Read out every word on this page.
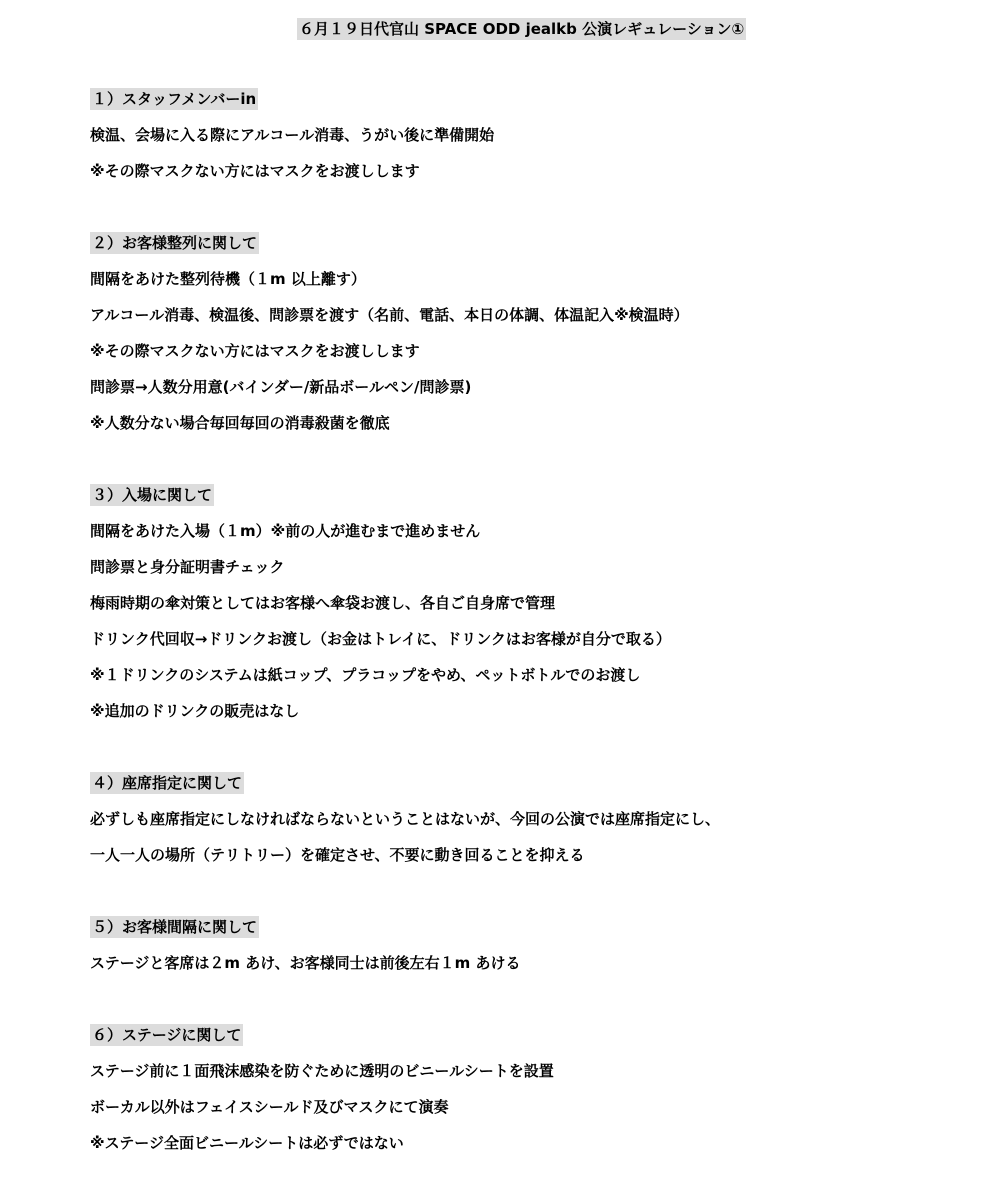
６月１９日代官山 SPACE ODD jealkb 公演レギュレーション①
１）スタッフメンバーin
検温、会場に入る際にアルコール消毒、うがい後に準備開始
※その際マスクない方にはマスクをお渡しします
２）お客様整列に関して
間隔をあけた整列待機（１m 以上離す）
アルコール消毒、検温後、問診票を渡す（名前、電話、本日の体調、体温記入※検温時）
※その際マスクない方にはマスクをお渡しします
問診票→人数分用意(バインダー/新品ボールペン/問診票)
※人数分ない場合毎回毎回の消毒殺菌を徹底
３）入場に関して
間隔をあけた入場（１m）※前の人が進むまで進めません
問診票と身分証明書チェック
梅雨時期の傘対策としてはお客様へ傘袋お渡し、各自ご自身席で管理
ドリンク代回収→ドリンクお渡し（お金はトレイに、ドリンクはお客様が自分で取る）
※１ドリンクのシステムは紙コップ、プラコップをやめ、ペットボトルでのお渡し
※追加のドリンクの販売はなし
４）座席指定に関して
必ずしも座席指定にしなければならないということはないが、今回の公演では座席指定にし、
一人一人の場所（テリトリー）を確定させ、不要に動き回ることを抑える
５）お客様間隔に関して
ステージと客席は２m あけ、お客様同士は前後左右１m あける
６）ステージに関して
ステージ前に１面飛沫感染を防ぐために透明のビニールシートを設置
ボーカル以外はフェイスシールド及びマスクにて演奏
※ステージ全面ビニールシートは必ずではない
